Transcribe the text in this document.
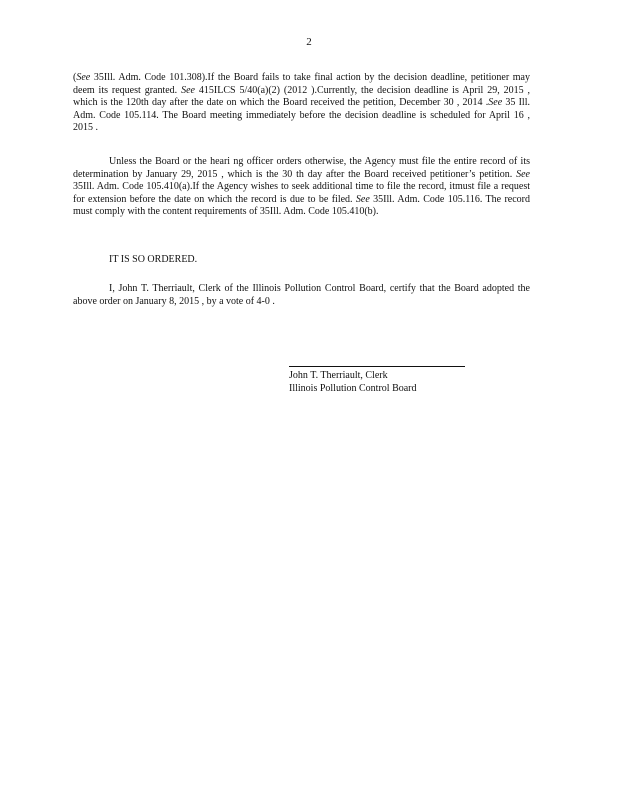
2

(See 35Ill. Adm. Code 101.308).If the Board fails to take final action by the decision deadline, petitioner may deem its request granted. See 415ILCS 5/40(a)(2) (2012 ).Currently, the decision deadline is April 29, 2015 , which is the 120th day after the date on which the Board received the petition, December 30 , 2014 .See 35 Ill. Adm. Code 105.114. The Board meeting immediately before the decision deadline is scheduled for April 16 , 2015 .

Unless the Board or the heari ng officer orders otherwise, the Agency must file the entire record of its determination by January 29, 2015 , which is the 30 th day after the Board received petitioner’s petition. See 35Ill. Adm. Code 105.410(a).If the Agency wishes to seek additional time to file the record, itmust file a request for extension before the date on which the record is due to be filed. See 35Ill. Adm. Code 105.116. The record must comply with the content requirements of 35Ill. Adm. Code 105.410(b).

IT IS SO ORDERED.

I, John T. Therriault, Clerk of the Illinois Pollution Control Board, certify that the Board adopted the above order on January 8, 2015 , by a vote of 4-0 .

John T. Therriault, Clerk
Illinois Pollution Control Board
